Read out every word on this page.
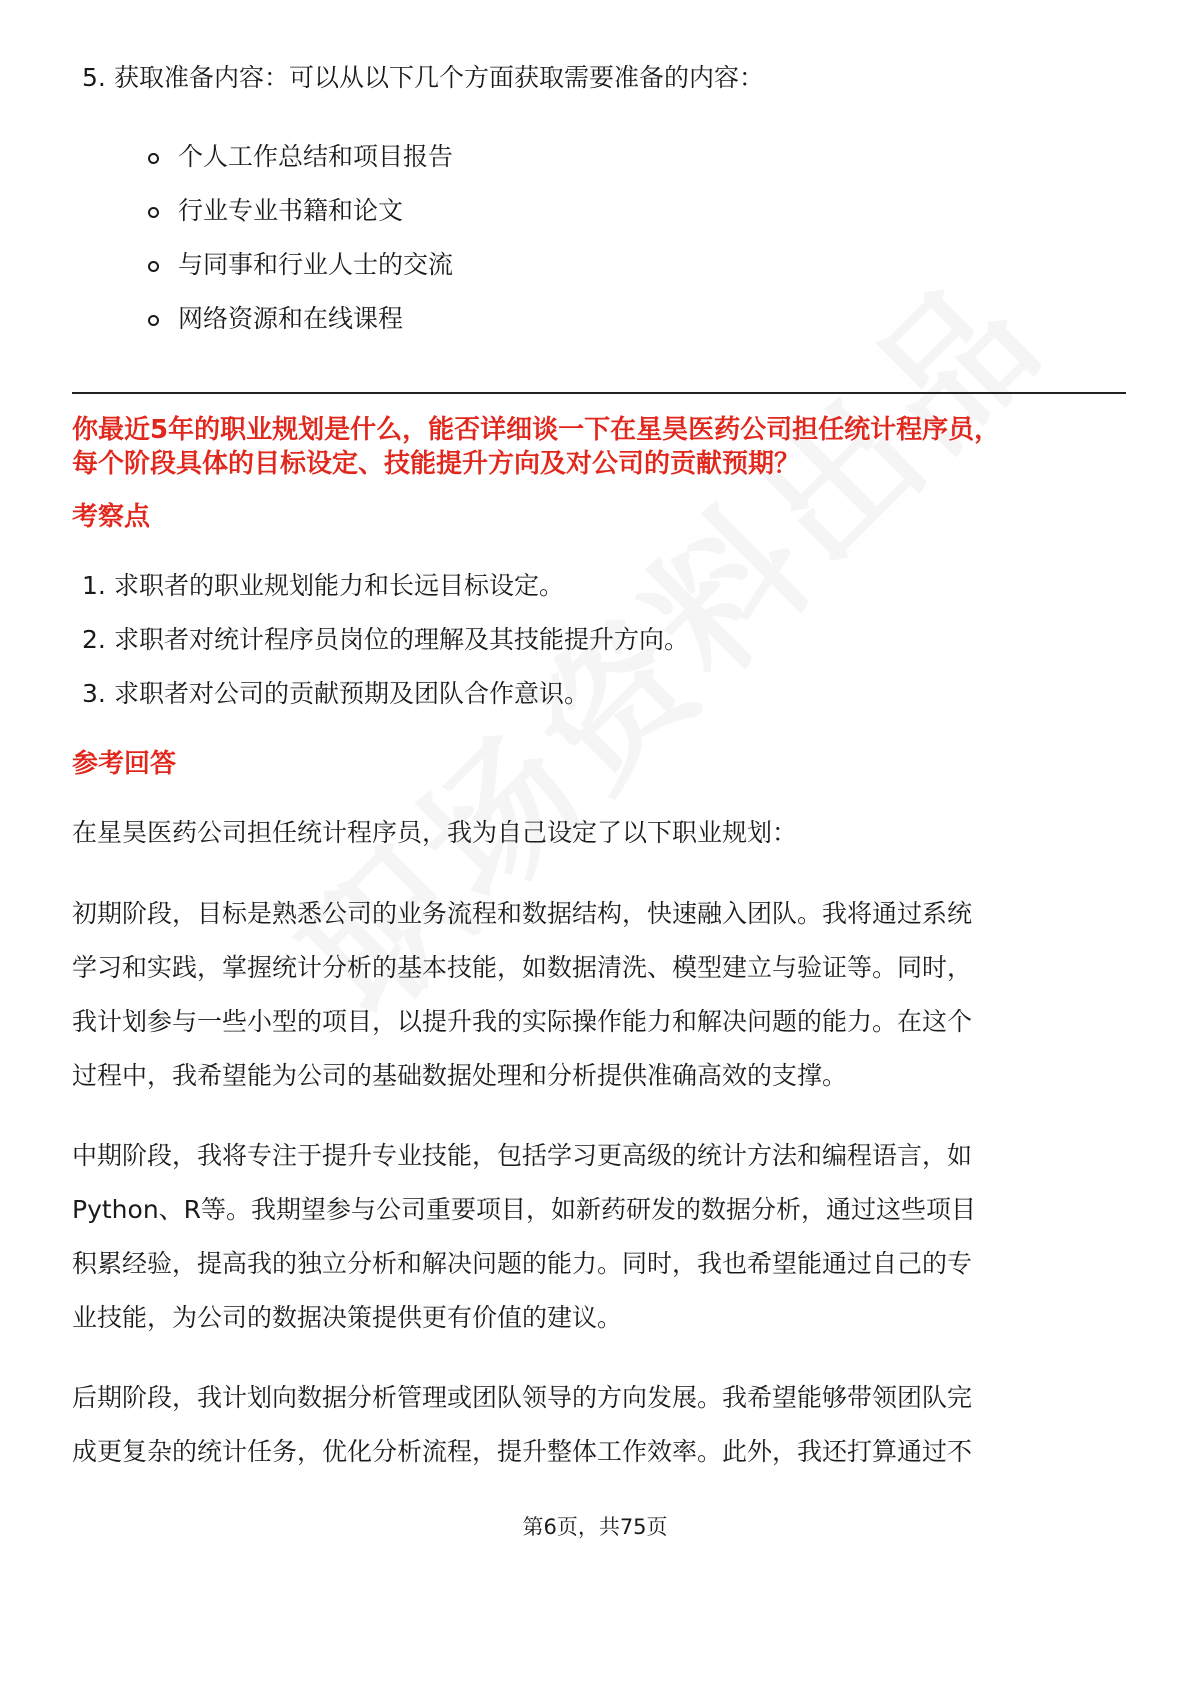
5. 获取准备内容：可以从以下几个方面获取需要准备的内容：
个人工作总结和项目报告
行业专业书籍和论文
与同事和行业人士的交流
网络资源和在线课程
你最近5年的职业规划是什么，能否详细谈一下在星昊医药公司担任统计程序员，
每个阶段具体的目标设定、技能提升方向及对公司的贡献预期？
考察点
1. 求职者的职业规划能力和长远目标设定。
2. 求职者对统计程序员岗位的理解及其技能提升方向。
3. 求职者对公司的贡献预期及团队合作意识。
参考回答
在星昊医药公司担任统计程序员，我为自己设定了以下职业规划：
初期阶段，目标是熟悉公司的业务流程和数据结构，快速融入团队。我将通过系统
学习和实践，掌握统计分析的基本技能，如数据清洗、模型建立与验证等。同时，
我计划参与一些小型的项目，以提升我的实际操作能力和解决问题的能力。在这个
过程中，我希望能为公司的基础数据处理和分析提供准确高效的支撑。
中期阶段，我将专注于提升专业技能，包括学习更高级的统计方法和编程语言，如
Python、R等。我期望参与公司重要项目，如新药研发的数据分析，通过这些项目
积累经验，提高我的独立分析和解决问题的能力。同时，我也希望能通过自己的专
业技能，为公司的数据决策提供更有价值的建议。
后期阶段，我计划向数据分析管理或团队领导的方向发展。我希望能够带领团队完
成更复杂的统计任务，优化分析流程，提升整体工作效率。此外，我还打算通过不
第6页，共75页
